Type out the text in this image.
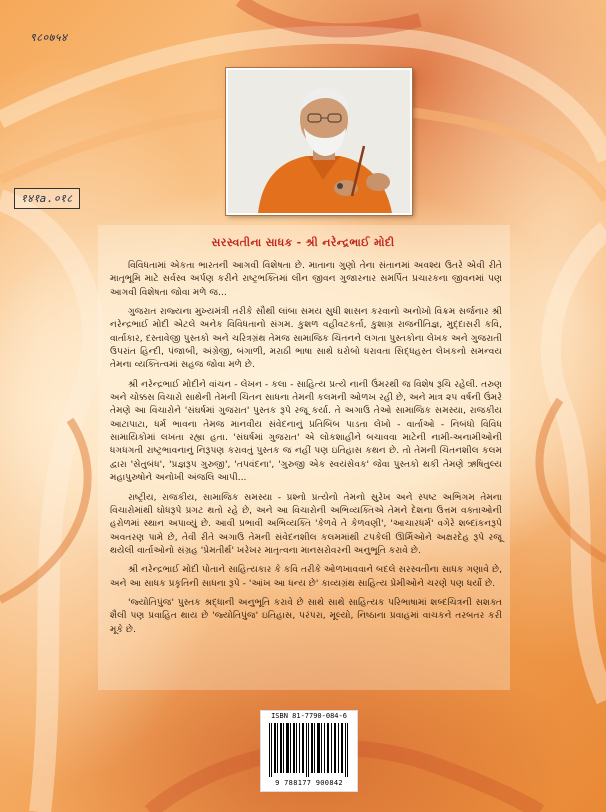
९८०७५४
१४१a.०१८
સરસ્વતીના સાધક - શ્રી નરેન્દ્રભાઈ મોદી

વિવિધતામાં એકતા ભારતની આગવી વિશેષતા છે. માતાના ગુણો તેના સંતાનમાં અવશ્ય ઉતરે એવી રીતે માતૃભૂમિ માટે સર્વસ્વ અર્પણ કરીને રાષ્ટ્રભક્તિમાં લીન જીવન ગુજારનાર સમર્પિત પ્રચારકના જીવનમાં પણ આગવી વિશેષતા જોવા મળે જ...

ગુજરાત રાજ્યના મુખ્યમંત્રી તરીકે સૌથી લાંબા સમય સુધી શાસન કરવાનો અનોખો વિક્રમ સર્જનાર શ્રી નરેન્દ્રભાઈ મોદી એટલે અનેક વિવિધતાનો સંગમ. કુશળ વહીવટકર્તા, કુશાગ્ર રાજનીતિજ્ઞ, મુદ્દાસરી કવિ, વાર્તાકાર, દસ્તાવેજી પુસ્તકો અને ચરિત્રગ્રંથ તેમજ સામાજિક ચિંતનને લગતા પુસ્તકોના લેખક અને ગુજરાતી ઉપરાંત હિન્દી, પંજાબી, અંગ્રેજી, બંગાળી, મરાઠી ભાષા સાથે ઘરોબો ધરાવતા સિદ્ધહસ્ત લેખકનો સમન્વય તેમના વ્યક્તિત્વમાં સહજ જોવા મળે છે.

શ્રી નરેન્દ્રભાઈ મોદીને વાંચન - લેખન - કલા - સાહિત્ય પ્રત્યે નાની ઉંમરથી જ વિશેષ રૂચિ રહેલી. તરુણ અને ચોક્કસ વિચારો સાથેની તેમની ચિંતન સાધના તેમની કલમની ઓળખ રહી છે, અને માત્ર ૨૫ વર્ષની ઉંમરે તેમણે આ વિચારોને 'સંઘર્ષમાં ગુજરાત' પુસ્તક રૂપે રજૂ કર્યા. તે અગાઉ તેઓ સામાજિક સમસ્યા, રાજકીય આટાપાટા, ધર્મ ભાવના તેમજ માનવીય સંવેદનાનું પ્રતિબિંબ પાડતા લેખો - વાર્તાઓ - નિબંધો વિવિધ સામાયિકોમાં લખતા રહ્યા હતા. 'સંઘર્ષમાં ગુજરાત' એ લોકશાહીને બચાવવા માટેની નામી-અનામીઓની ધગધગતી રાષ્ટ્રભાવનાનું નિરૂપણ કરાવતું પુસ્તક જ નહીં પણ ઇતિહાસ કથન છે. તો તેમની ચિંતનશીલ કલમ દ્વારા 'સેતુબંધ', 'પ્રજ્ઞરૂપ ગુરુજી', 'તપવંદના', 'ગુરુજી એક સ્વયંસેવક' જેવા પુસ્તકો થકી તેમણે ઋષિતુલ્ય મહાપુરુષોને અનોખી અંજલિ આપી...

રાષ્ટ્રીય, રાજકીય, સામાજિક સમસ્યા - પ્રશ્નો પ્રત્યેનો તેમનો સુરેખ અને સ્પષ્ટ અભિગમ તેમના વિચારોમાંથી ઘોધરૂપે પ્રગટ થતો રહે છે, અને આ વિચારોની અભિવ્યક્તિએ તેમને દેશના ઉત્તમ વક્તાઓની હરોળમાં સ્થાન અપાવ્યું છે. આવી પ્રભાવી અભિવ્યક્તિ 'કેળવે તે કેળવણી', 'આચારધર્મ' વગેરે શબ્દાંકનરૂપે અવતરણ પામે છે, તેવી રીતે અગાઉ તેમની સંવેદનશીલ કલમમાંથી ટપકેલી ઊર્મિઓને અક્ષરદેહ રૂપે રજૂ થયેલી વાર્તાઓનો સંગ્રહ 'પ્રેમતીર્થ' ખરેખર માતૃત્વના માનસરોવરની અનુભૂતિ કરાવે છે.

શ્રી નરેન્દ્રભાઈ મોદી પોતાને સાહિત્યકાર કે કવિ તરીકે ઓળખાવવાને બદલે સરસ્વતીના સાધક ગણાવે છે, અને આ સાધક પ્રકૃતિની સાધના રૂપે - 'આંખ આ ધન્ય છે' કાવ્યગ્રંથ સાહિત્ય પ્રેમીઓને ચરણે પણ ધર્યો છે.

'જ્યોતિપુંજ' પુસ્તક શ્રદ્ધાની અનુભૂતિ કરાવે છે સાથે સાથે સાહિત્યક પરિભાષામાં શબ્દચિત્રની સશક્ત શૈલી પણ પ્રવાહિત થાય છે 'જ્યોતિપુંજ' ઇતિહાસ, પરંપરા, મૂલ્યો, નિષ્ઠાના પ્રવાહમાં વાચકને તરબતર કરી મૂકે છે.

ISBN 81-7790-084-6
9 788177 900842
